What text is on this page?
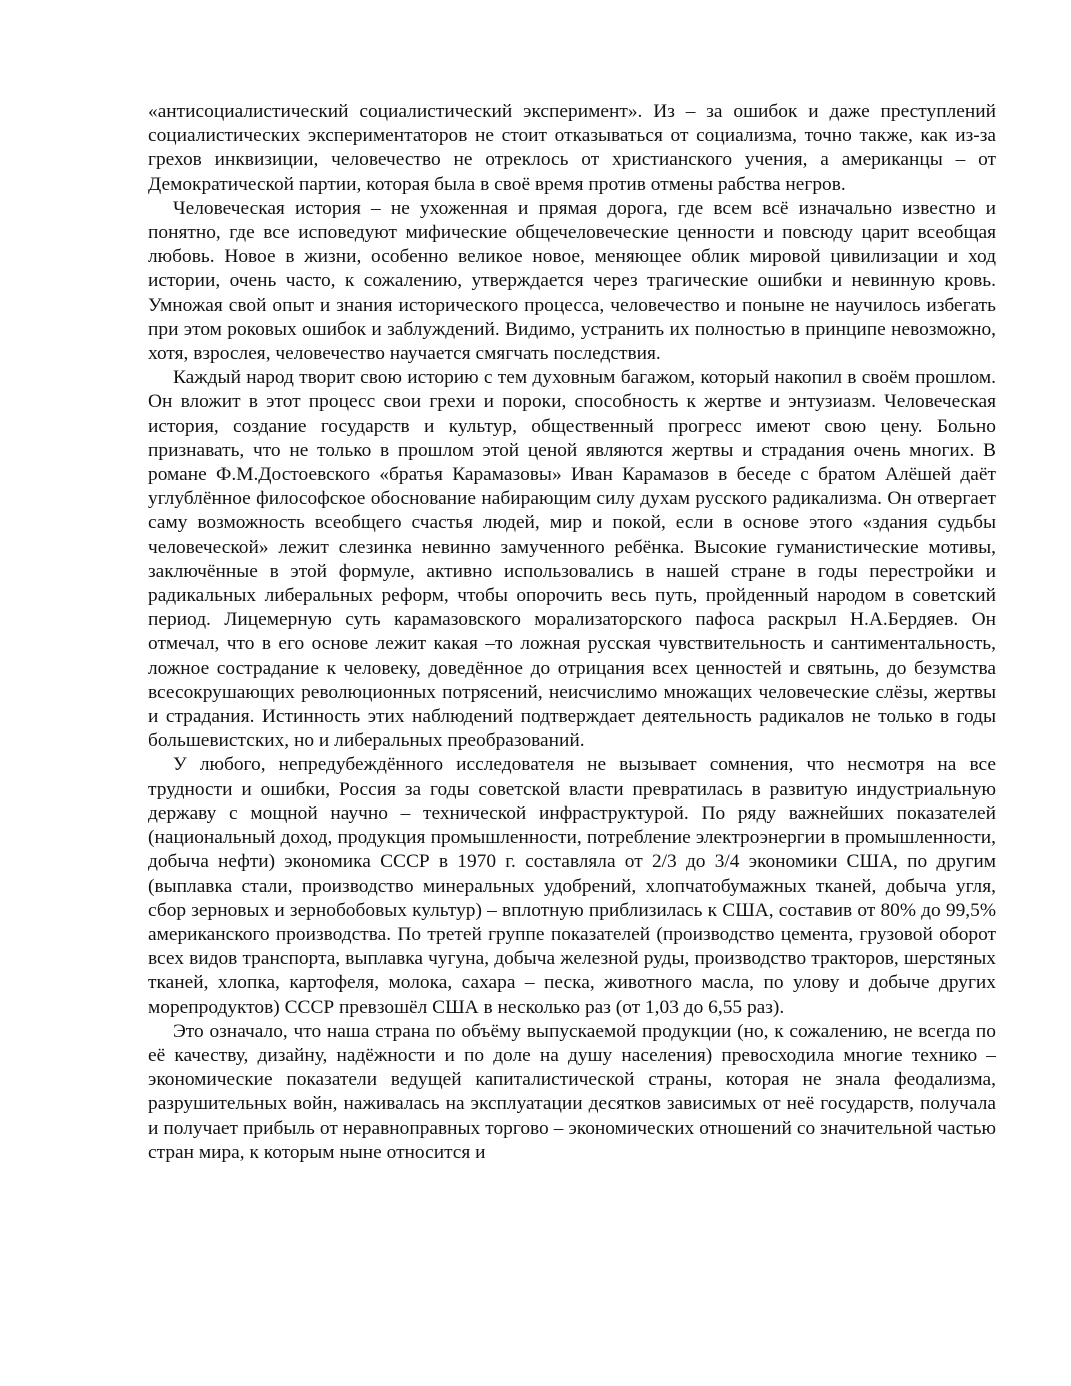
«антисоциалистический социалистический эксперимент». Из – за ошибок и даже преступлений социалистических экспериментаторов не стоит отказываться от социализма, точно также, как из-за грехов инквизиции, человечество не отреклось от христианского учения, а американцы – от Демократической партии, которая была в своё время против отмены рабства негров.

Человеческая история – не ухоженная и прямая дорога, где всем всё изначально известно и понятно, где все исповедуют мифические общечеловеческие ценности и повсюду царит всеобщая любовь. Новое в жизни, особенно великое новое, меняющее облик мировой цивилизации и ход истории, очень часто, к сожалению, утверждается через трагические ошибки и невинную кровь. Умножая свой опыт и знания исторического процесса, человечество и поныне не научилось избегать при этом роковых ошибок и заблуждений. Видимо, устранить их полностью в принципе невозможно, хотя, взрослея, человечество научается смягчать последствия.

Каждый народ творит свою историю с тем духовным багажом, который накопил в своём прошлом. Он вложит в этот процесс свои грехи и пороки, способность к жертве и энтузиазм. Человеческая история, создание государств и культур, общественный прогресс имеют свою цену. Больно признавать, что не только в прошлом этой ценой являются жертвы и страдания очень многих. В романе Ф.М.Достоевского «братья Карамазовы» Иван Карамазов в беседе с братом Алёшей даёт углублённое философское обоснование набирающим силу духам русского радикализма. Он отвергает саму возможность всеобщего счастья людей, мир и покой, если в основе этого «здания судьбы человеческой» лежит слезинка невинно замученного ребёнка. Высокие гуманистические мотивы, заключённые в этой формуле, активно использовались в нашей стране в годы перестройки и радикальных либеральных реформ, чтобы опорочить весь путь, пройденный народом в советский период. Лицемерную суть карамазовского морализаторского пафоса раскрыл Н.А.Бердяев. Он отмечал, что в его основе лежит какая –то ложная русская чувствительность и сантиментальность, ложное сострадание к человеку, доведённое до отрицания всех ценностей и святынь, до безумства всесокрушающих революционных потрясений, неисчислимо множащих человеческие слёзы, жертвы и страдания. Истинность этих наблюдений подтверждает деятельность радикалов не только в годы большевистских, но и либеральных преобразований.

У любого, непредубеждённого исследователя не вызывает сомнения, что несмотря на все трудности и ошибки, Россия за годы советской власти превратилась в развитую индустриальную державу с мощной научно – технической инфраструктурой. По ряду важнейших показателей (национальный доход, продукция промышленности, потребление электроэнергии в промышленности, добыча нефти) экономика СССР в 1970 г. составляла от 2/3 до 3/4 экономики США, по другим (выплавка стали, производство минеральных удобрений, хлопчатобумажных тканей, добыча угля, сбор зерновых и зернобобовых культур) – вплотную приблизилась к США, составив от 80% до 99,5% американского производства. По третей группе показателей (производство цемента, грузовой оборот всех видов транспорта, выплавка чугуна, добыча железной руды, производство тракторов, шерстяных тканей, хлопка, картофеля, молока, сахара – песка, животного масла, по улову и добыче других морепродуктов) СССР превзошёл США в несколько раз (от 1,03 до 6,55 раз).

Это означало, что наша страна по объёму выпускаемой продукции (но, к сожалению, не всегда по её качеству, дизайну, надёжности и по доле на душу населения) превосходила многие технико – экономические показатели ведущей капиталистической страны, которая не знала феодализма, разрушительных войн, наживалась на эксплуатации десятков зависимых от неё государств, получала и получает прибыль от неравноправных торгово – экономических отношений со значительной частью стран мира, к которым ныне относится и
